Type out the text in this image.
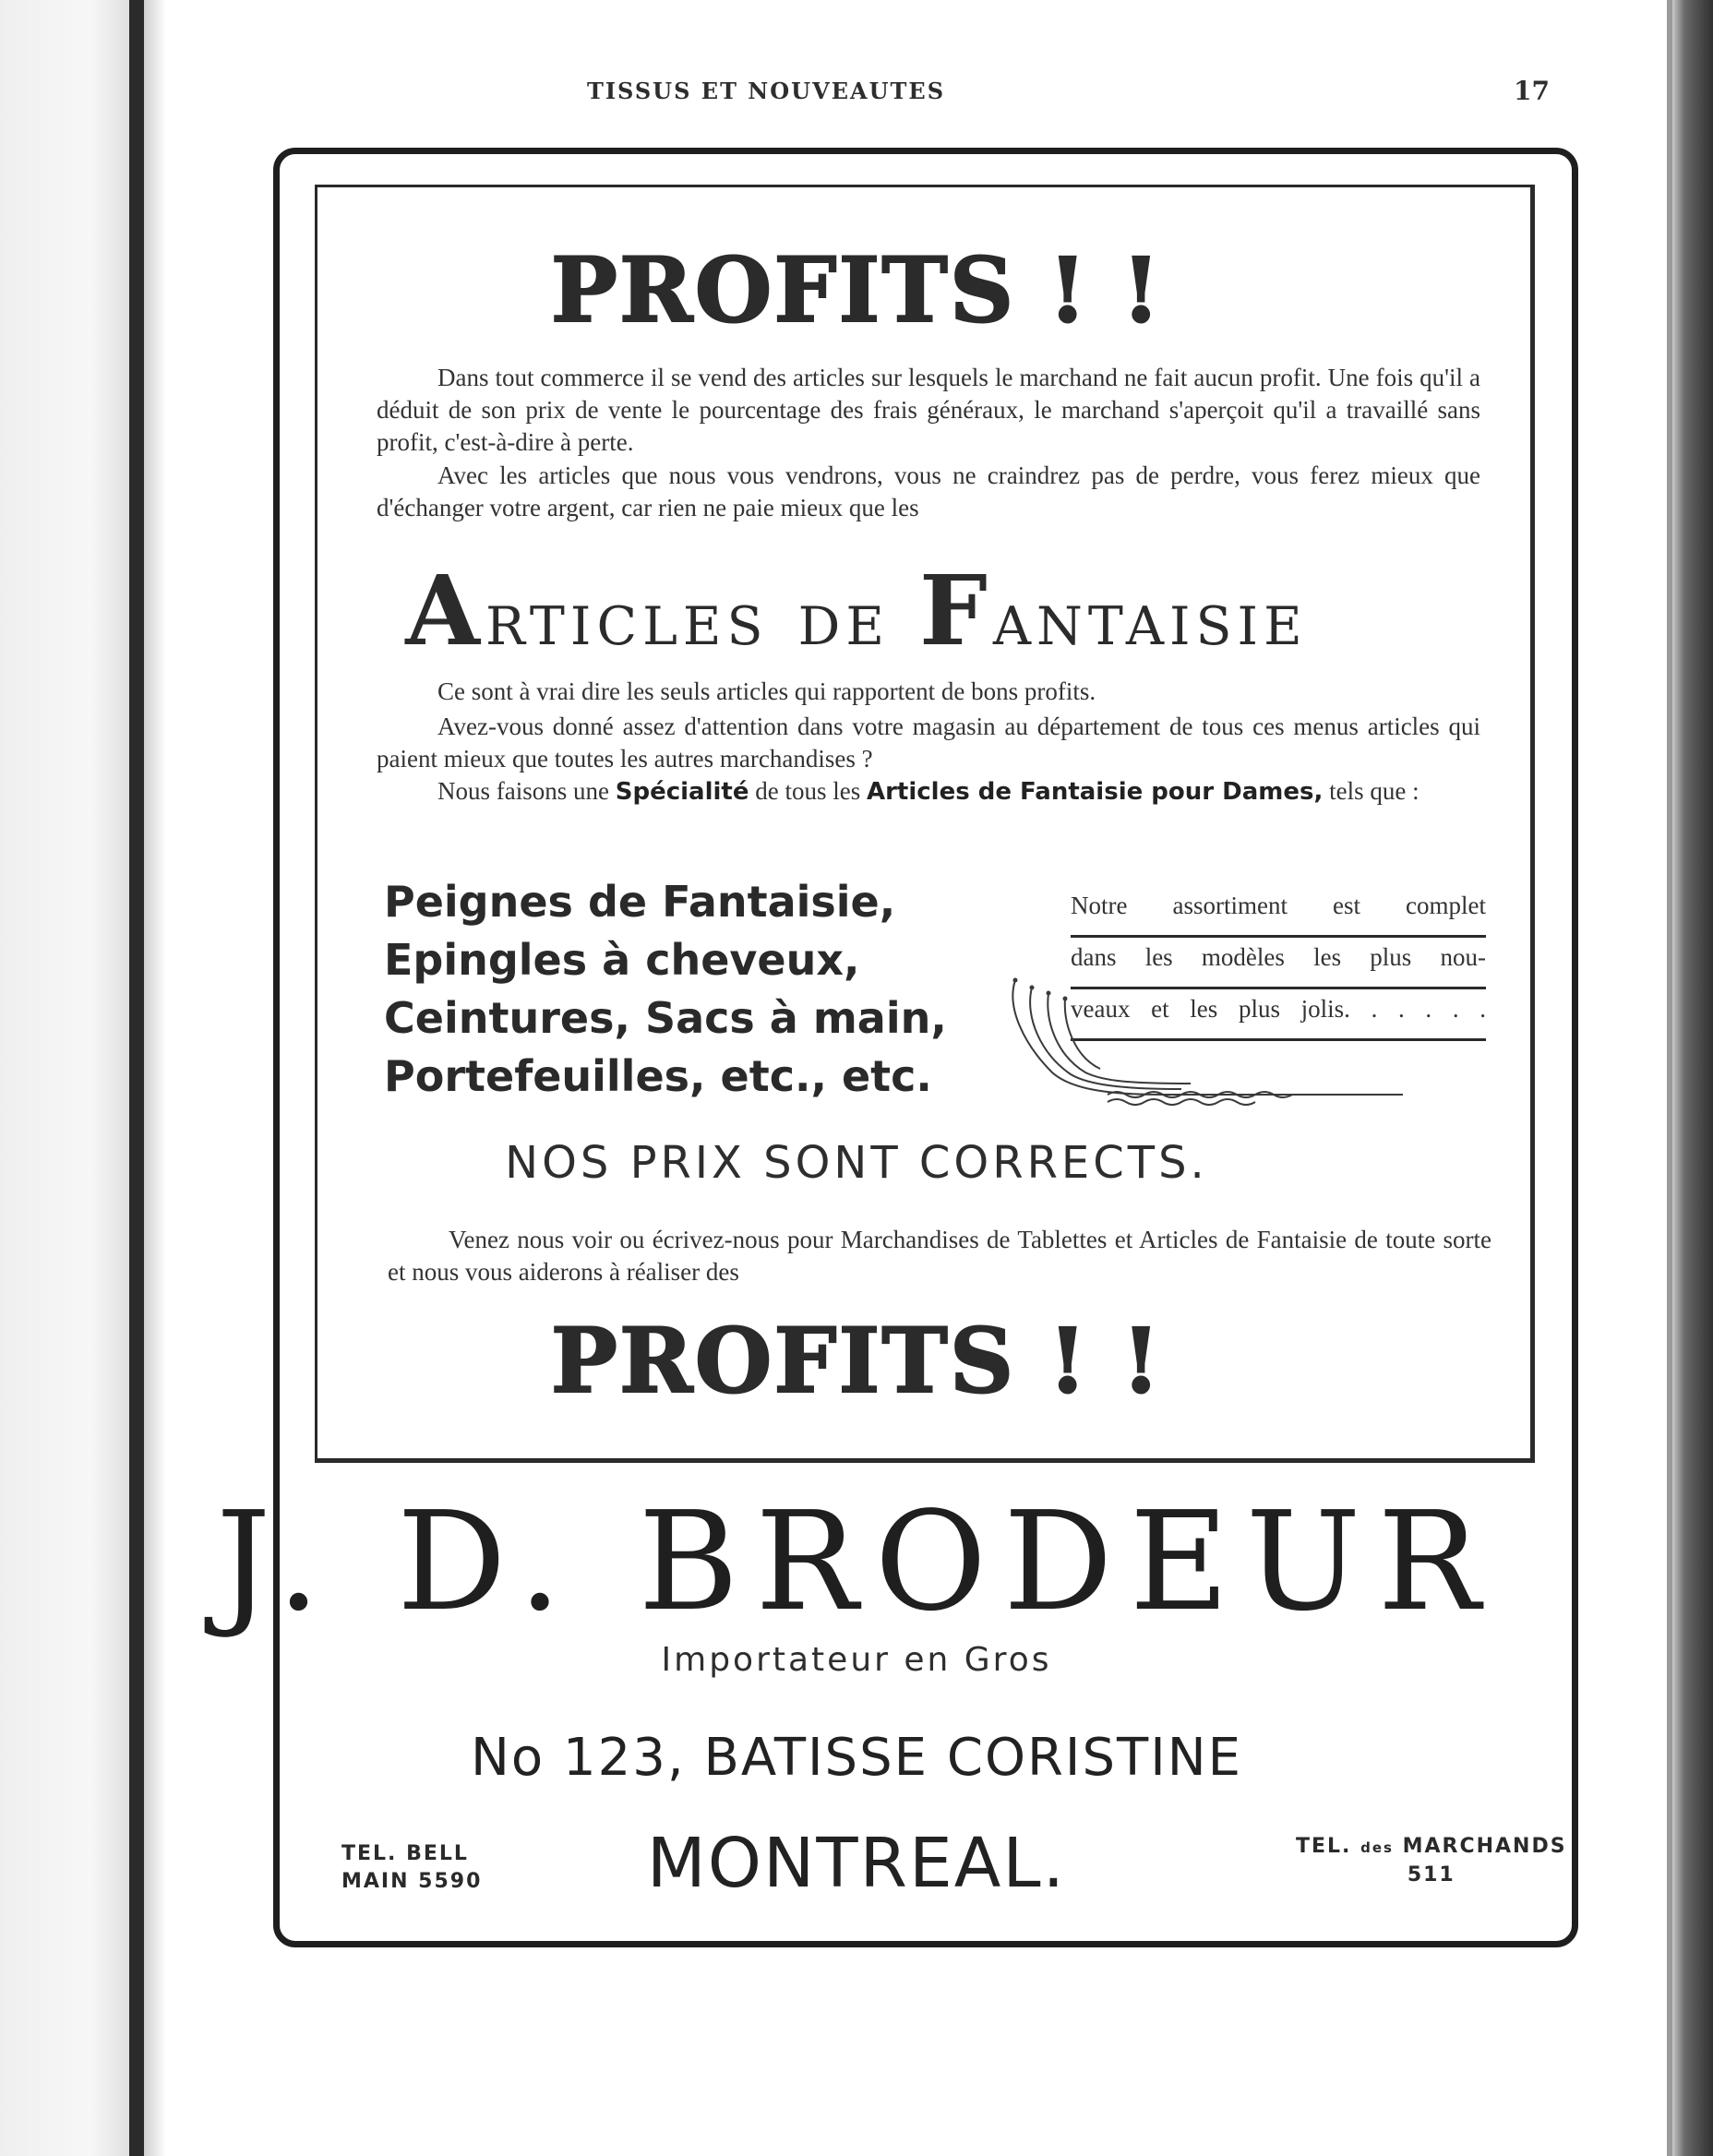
TISSUS ET NOUVEAUTES	17
PROFITS ! !
Dans tout commerce il se vend des articles sur lesquels le marchand ne fait aucun profit. Une fois qu'il a déduit de son prix de vente le pourcentage des frais généraux, le marchand s'aperçoit qu'il a travaillé sans profit, c'est-à-dire à perte.
Avec les articles que nous vous vendrons, vous ne craindrez pas de perdre, vous ferez mieux que d'échanger votre argent, car rien ne paie mieux que les
Articles de Fantaisie
Ce sont à vrai dire les seuls articles qui rapportent de bons profits.
Avez-vous donné assez d'attention dans votre magasin au département de tous ces menus articles qui paient mieux que toutes les autres marchandises ?
Nous faisons une Spécialité de tous les Articles de Fantaisie pour Dames, tels que :
Peignes de Fantaisie,
Epingles à cheveux,
Ceintures, Sacs à main,
Portefeuilles, etc., etc.
Notre assortiment est complet
dans les modèles les plus nou-
veaux et les plus jolis. . . . . .
NOS PRIX SONT CORRECTS.
Venez nous voir ou écrivez-nous pour Marchandises de Tablettes et Articles de Fantaisie de toute sorte et nous vous aiderons à réaliser des
PROFITS ! !
J. D. BRODEUR
Importateur en Gros
No 123, BATISSE CORISTINE
MONTREAL.
TEL. BELL
MAIN 5590
TEL. des MARCHANDS
511
